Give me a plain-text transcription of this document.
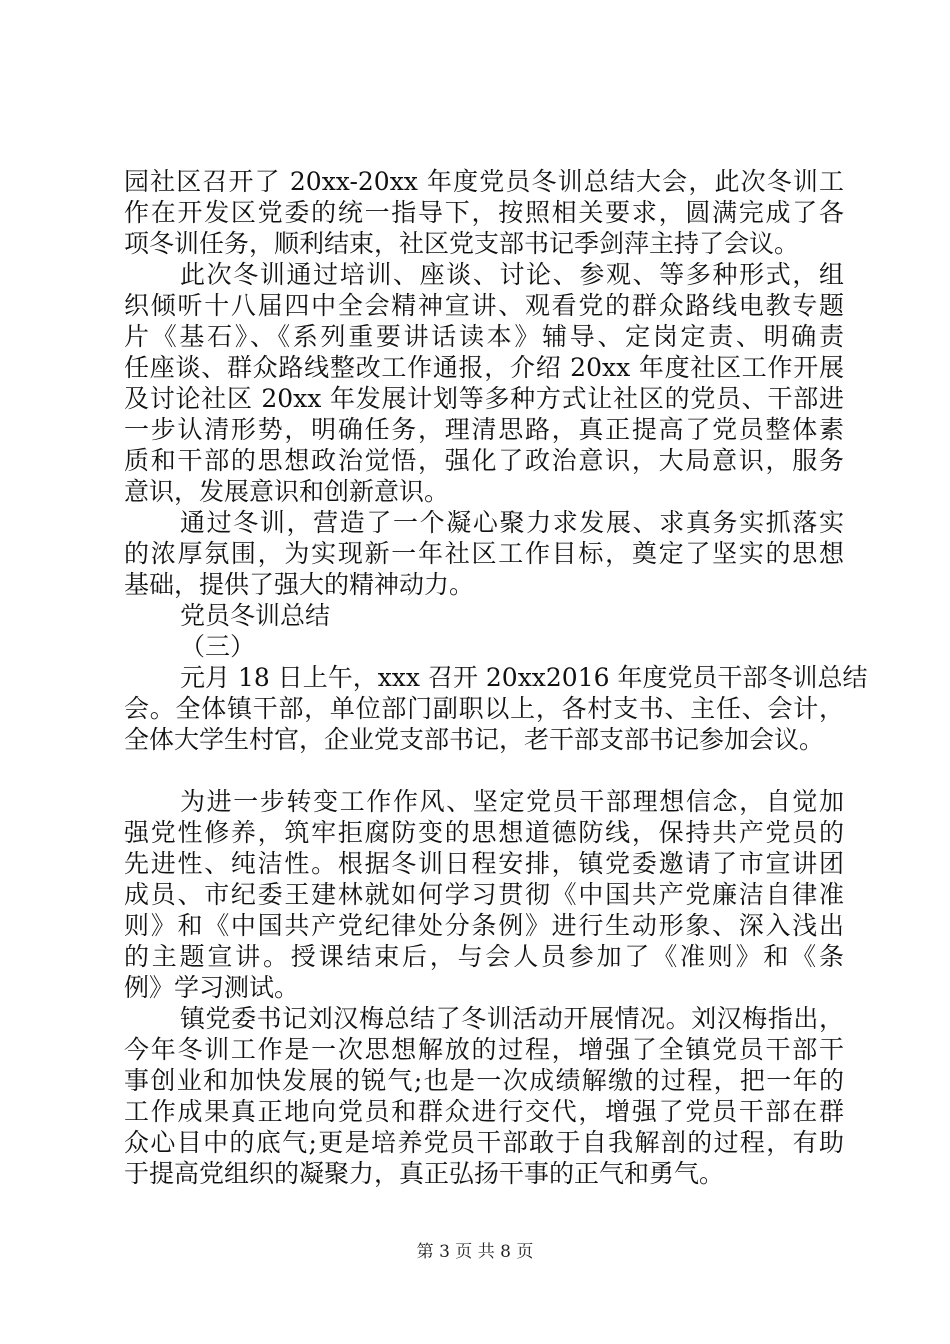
园社区召开了 20xx-20xx 年度党员冬训总结大会，此次冬训工
作在开发区党委的统一指导下，按照相关要求，圆满完成了各
项冬训任务，顺利结束，社区党支部书记季剑萍主持了会议。
此次冬训通过培训、座谈、讨论、参观、等多种形式，组
织倾听十八届四中全会精神宣讲、观看党的群众路线电教专题
片《基石》、《系列重要讲话读本》辅导、定岗定责、明确责
任座谈、群众路线整改工作通报，介绍 20xx 年度社区工作开展
及讨论社区 20xx 年发展计划等多种方式让社区的党员、干部进
一步认清形势，明确任务，理清思路，真正提高了党员整体素
质和干部的思想政治觉悟，强化了政治意识，大局意识，服务
意识，发展意识和创新意识。
通过冬训，营造了一个凝心聚力求发展、求真务实抓落实
的浓厚氛围，为实现新一年社区工作目标，奠定了坚实的思想
基础，提供了强大的精神动力。
党员冬训总结
（三）
元月 18 日上午，xxx 召开 20xx2016 年度党员干部冬训总结
会。全体镇干部，单位部门副职以上，各村支书、主任、会计，
全体大学生村官，企业党支部书记，老干部支部书记参加会议。
为进一步转变工作作风、坚定党员干部理想信念，自觉加
强党性修养，筑牢拒腐防变的思想道德防线，保持共产党员的
先进性、纯洁性。根据冬训日程安排，镇党委邀请了市宣讲团
成员、市纪委王建林就如何学习贯彻《中国共产党廉洁自律准
则》和《中国共产党纪律处分条例》进行生动形象、深入浅出
的主题宣讲。授课结束后，与会人员参加了《准则》和《条
例》学习测试。
镇党委书记刘汉梅总结了冬训活动开展情况。刘汉梅指出，
今年冬训工作是一次思想解放的过程，增强了全镇党员干部干
事创业和加快发展的锐气;也是一次成绩解缴的过程，把一年的
工作成果真正地向党员和群众进行交代，增强了党员干部在群
众心目中的底气;更是培养党员干部敢于自我解剖的过程，有助
于提高党组织的凝聚力，真正弘扬干事的正气和勇气。
第 3 页 共 8 页
